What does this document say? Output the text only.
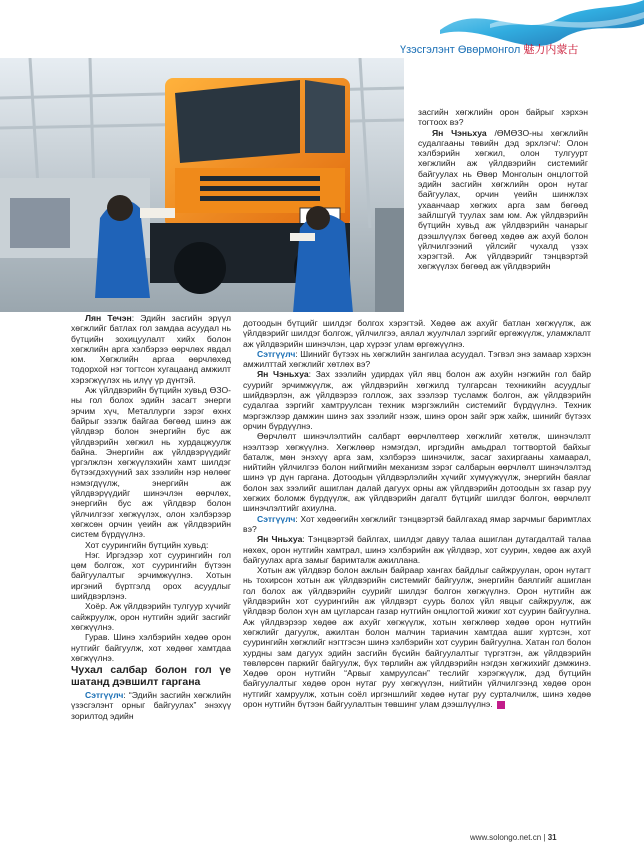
Үзэсгэлэнт Өвөрмонгол 魅力内蒙古

засгийн хөгжлийн орон байрыг хэрхэн тогтоох вэ?

Ян Чэньхуа /ӨМӨЗО-ны хөгжлийн судалгааны төвийн дэд эрхлэгч/: Олон хэлбэрийн хөгжил, олон тулгуурт хөгжлийн аж үйлдвэрийн системийг байгуулах нь Өвөр Монголын онцлогтой эдийн засгийн хөгжлийн орон нутаг байгуулах, орчин үеийн шинжлэх ухаанчаар хөгжих арга зам бөгөөд зайлшгүй туулах зам юм. Аж үйлдвэрийн бүтцийн хувьд аж үйлдвэрийн чанарыг дээшлүүлэх бөгөөд хөдөө аж ахуй болон үйлчилгээний үйлсийг чухалд үзэх хэрэгтэй. Аж үйлдвэрийг тэнцвэртэй хөгжүүлэх бөгөөд аж үйлдвэрийн

Лян Течэн: Эдийн засгийн эрүүл хөгжлийг батлах гол замдаа асуудал нь бүтцийн зохицуулалт хийх болон хөгжлийн арга хэлбэрээ өөрчлөх явдал юм. Хөгжлийн аргаа өөрчлөхөд тодорхой нэг тогтсон хугацаанд амжилт хэрэгжүүлэх нь илүү үр дүнтэй.

Аж үйлдвэрийн бүтцийн хувьд ӨЗО-ны гол болох эдийн засагт энерги эрчим хүч, Металлурги зэрэг өхнх байрыг эзэлж байгаа бөгөөд шинэ аж үйлдвэр болон энергийн бус аж үйлдвэрийн хөгжил нь хурдацжуулж байна. Энергийн аж үйлдвэрүүдийг үргэлжлэн хөгжүүлэхийн хамт шилдэг бүтээгдэхүүний зах зээлийн нэр нөлөөг нэмэгдүүлж, энергийн аж үйлдвэрүүдийг шинэчлэн өөрчлөх, энергийн бус аж үйлдвэр болон үйлчилгээг хөгжүүлэх, олон хэлбэрээр хөгжсөн орчин үеийн аж үйлдвэрийн систем бүрдүүлнэ.

Хот суурингийн бүтцийн хувьд:

Нэг. Иргэдээр хот суурингийн гол цөм болгож, хот суурингийн бүтээн байгуулалтыг эрчимжүүлнэ. Хотын иргэний бүртгэлд орох асуудлыг шийдвэрлэнэ.

Хоёр. Аж үйлдвэрийн тулгуур хүчийг сайжруулж, орон нутгийн эдийг засгийг хөгжүүлнэ.

Гурав. Шинэ хэлбэрийн хөдөө орон нутгийг байгуулж, хот хөдөөг хамтдаа хөгжүүлнэ.

Чухал салбар болон гол үе шатанд дэвшилт гаргана

Сэтгүүлч: “Эдийн засгийн хөгжлийн үзэсгэлэнт орныг байгуулах” энэхүү зорилтод эдийн

дотоодын бүтцийг шилдэг болгох хэрэгтэй. Хөдөө аж ахуйг батлан хөгжүүлж, аж үйлдвэрийг шилдэг болгож, үйлчилгээ, аялал жуулчлал зэргийг өргөжүүлж, уламжлалт аж үйлдвэрийн шинэчлэн, цар хүрээг улам өргөжүүлнэ.

Сэтгүүлч: Шинийг бүтээх нь хөгжлийн зангилаа асуудал. Тэгвэл энэ замаар хэрхэн амжилттай хөгжлийг хөтлөх вэ?

Ян Чэньхуа: Зах зээлийн удирдах үйл явц болон аж ахуйн нэгжийн гол байр суурийг эрчимжүүлж, аж үйлдвэрийн хөгжилд тулгарсан техникийн асуудлыг шийдвэрлэн, аж үйлдвэрээ голлож, зах зээлээр тусламж болгон, аж үйлдвэрийн судалгаа зэргийг хамтруулсан техник мэргэжлийн системийг бүрдүүлнэ. Техник мэргэжлээр дамжин шинэ зах зээлийг нээж, шинэ орон зайг эрж хайж, шинийг бүтээх орчин бүрдүүлнэ.

Өөрчлөлт шинэчлэлтийн салбарт өөрчлөлтөөр хөгжлийг хөтөлж, шинэчлэлт нээлтээр хөгжүүлнэ. Хөгжлөөр нэмэгдэл, иргэдийн амьдрал тогтвортой байхыг баталж, мөн энэхүү арга зам, хэлбэрээ шинэчилж, засаг захиргааны хамаарал, нийтийн үйлчилгээ болон нийгмийн механизм зэрэг салбарын өөрчлөлт шинэчлэлтэд шинэ үр дүн гаргана. Дотоодын үйлдвэрлэлийн хүчийг хүмүүжүүлж, энергийн баялаг болон зах зээлийг ашиглан далай дагуух орны аж үйлдвэрийн дотоодын зх газар руу хөгжих боломж бүрдүүлж, аж үйлдвэрийн дагалт бүтцийг шилдэг болгон, өөрчлөлт шинэчлэлтийг ахиулна.

Сэтгүүлч: Хот хөдөөгийн хөгжлийг тэнцвэртэй байлгахад ямар зарчмыг баримтлах вэ?

Ян Чньхуа: Тэнцвэртэй байлгах, шилдэг давуу талаа ашиглан дутагдалтай талаа нөхөх, орон нутгийн хамтрал, шинэ хэлбэрийн аж үйлдвэр, хот суурин, хөдөө аж ахуй байгуулах арга замыг баримталж ажиллана.

Хотын аж үйлдвэр болон ажлын байраар хангах байдлыг сайжруулан, орон нутагт нь тохирсон хотын аж үйлдвэрийн системийг байгуулж, энергийн баялгийг ашиглан гол болох аж үйлдвэрийн суурийг шилдэг болгон хөгжүүлнэ. Орон нутгийн аж үйлдвэрийн хот суурингийн аж үйлдвэрт суурь болох үйл явцыг сайжруулж, аж үйлдвэр болон хүн ам цугларсан газар нутгийн онцлогтой жижиг хот суурин байгуулна. Аж үйлдвэрээр хөдөө аж ахуйг хөгжүүлж, хотын хөгжлөөр хөдөө орон нутгийн хөгжлийг дагуулж, ажилтан болон малчин тариачин хамтдаа ашиг хүртсэн, хот суурингийн хөгжлийг нэгтгэсэн шинэ хэлбэрийн хот суурин байгуулна. Хатан гол болон хурдны зам дагуух эдийн засгийн бүсийн байгуулалтыг түргэтгэн, аж үйлдвэрийн төвлөрсөн паркийг байгуулж, бүх төрлийн аж үйлдвэрийн нэгдэн хөгжихийг дэмжинэ. Хөдөө орон нутгийн “Арвыг хамруулсан” теслийг хэрэгжүүлж, дэд бүтцийн байгуулалтыг хөдөө орон нутаг руу хөгжүүлэн, нийтийн үйлчилгээнд хөдөө орон нутгийг хамруулж, хотын соёл иргэншлийг хөдөө нутаг руу сурталчилж, шинэ хөдөө орон нутгийн бүтээн байгуулалтын төвшинг улам дээшлүүлнэ.

www.solongo.net.cn | 31
